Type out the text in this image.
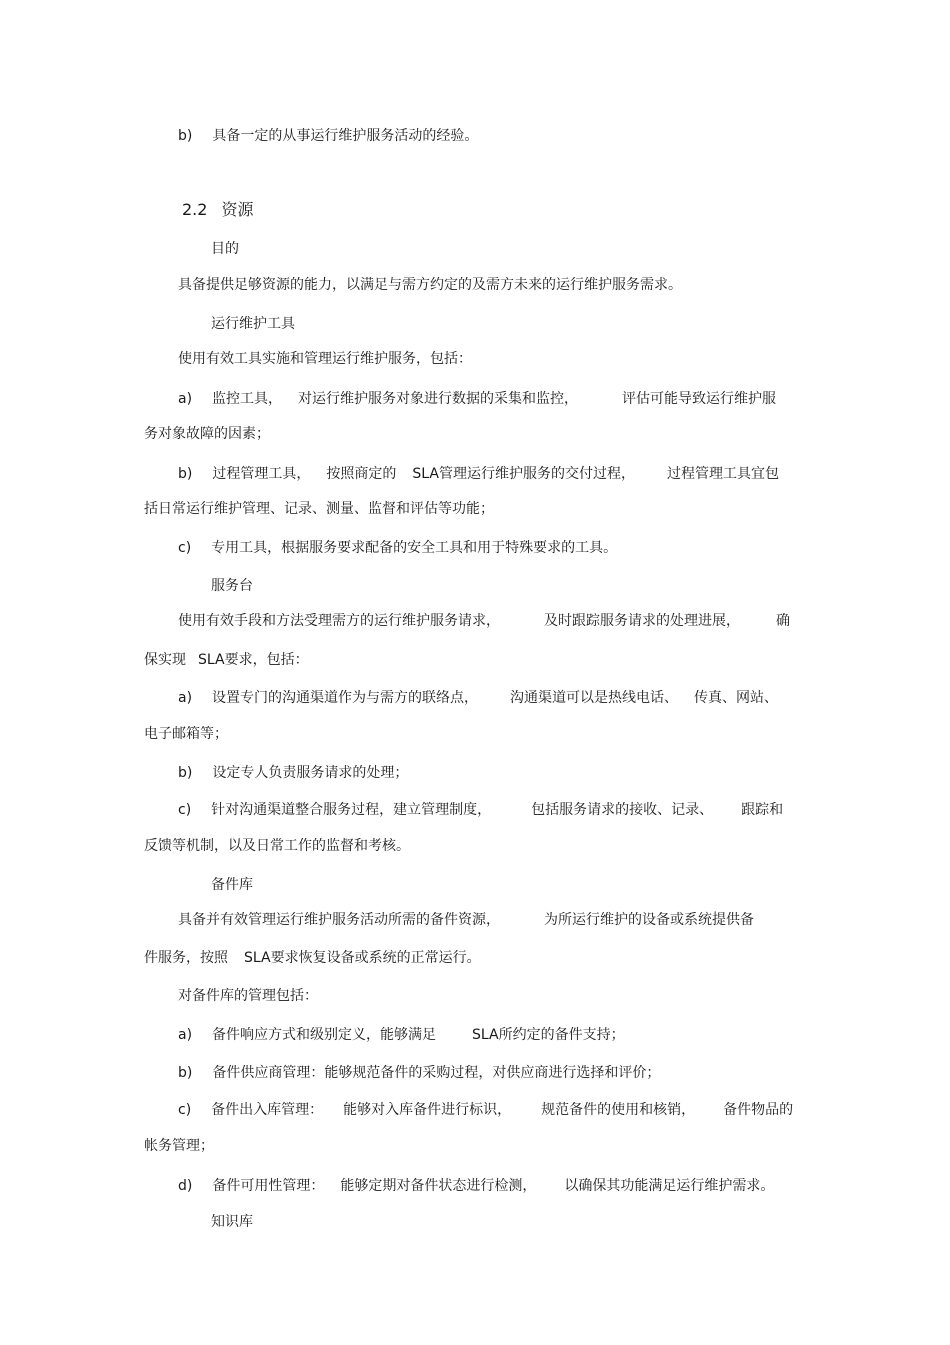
b) 具备一定的从事运行维护服务活动的经验。
2.2 资源
目的
具备提供足够资源的能力，以满足与需方约定的及需方未来的运行维护服务需求。
运行维护工具
使用有效工具实施和管理运行维护服务，包括：
a) 监控工具， 对运行维护服务对象进行数据的采集和监控，	评估可能导致运行维护服
务对象故障的因素；
b) 过程管理工具， 按照商定的 SLA管理运行维护服务的交付过程， 过程管理工具宜包
括日常运行维护管理、记录、测量、监督和评估等功能；
c) 专用工具，根据服务要求配备的安全工具和用于特殊要求的工具。
服务台
使用有效手段和方法受理需方的运行维护服务请求，	及时跟踪服务请求的处理进展，	确
保实现 SLA要求，包括：
a) 设置专门的沟通渠道作为与需方的联络点， 沟通渠道可以是热线电话、 传真、网站、
电子邮箱等；
b) 设定专人负责服务请求的处理；
c) 针对沟通渠道整合服务过程，建立管理制度，	包括服务请求的接收、记录、 跟踪和
反馈等机制，以及日常工作的监督和考核。
备件库
具备并有效管理运行维护服务活动所需的备件资源，	为所运行维护的设备或系统提供备
件服务，按照 SLA要求恢复设备或系统的正常运行。
对备件库的管理包括：
a) 备件响应方式和级别定义，能够满足	SLA所约定的备件支持；
b) 备件供应商管理：能够规范备件的采购过程，对供应商进行选择和评价；
c) 备件出入库管理： 能够对入库备件进行标识， 规范备件的使用和核销， 备件物品的
帐务管理；
d) 备件可用性管理： 能够定期对备件状态进行检测， 以确保其功能满足运行维护需求。
知识库
